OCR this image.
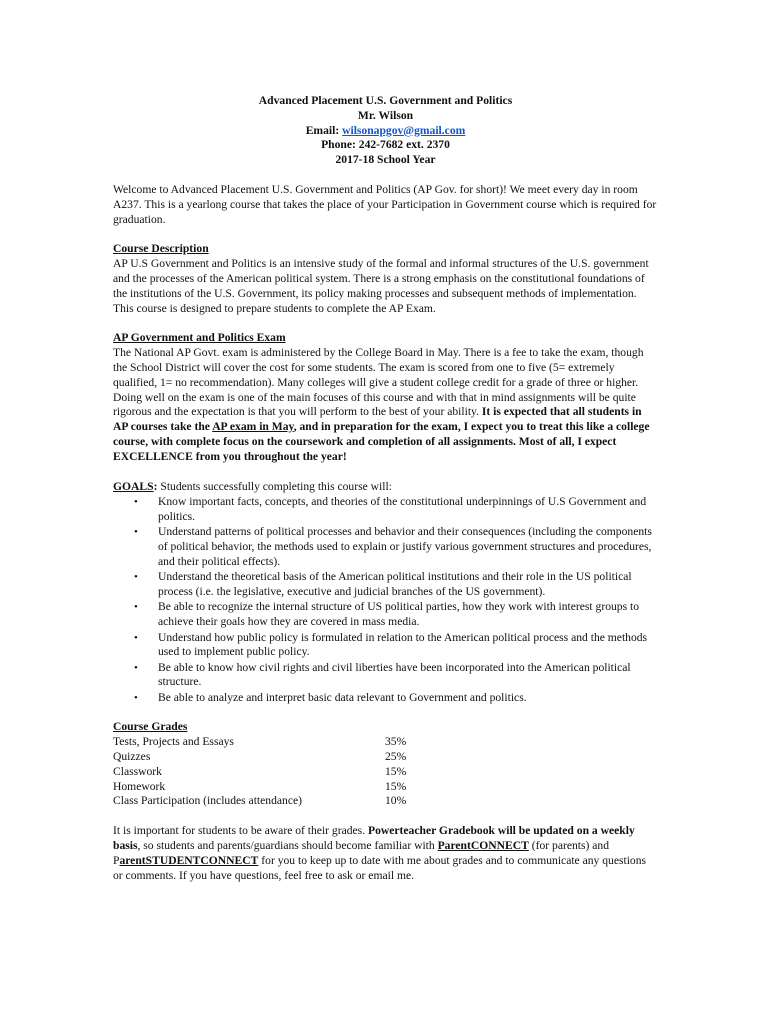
Advanced Placement U.S. Government and Politics
Mr. Wilson
Email: wilsonapgov@gmail.com
Phone: 242-7682 ext. 2370
2017-18 School Year
Welcome to Advanced Placement U.S. Government and Politics (AP Gov. for short)! We meet every day in room A237. This is a yearlong course that takes the place of your Participation in Government course which is required for graduation.
Course Description
AP U.S Government and Politics is an intensive study of the formal and informal structures of the U.S. government and the processes of the American political system. There is a strong emphasis on the constitutional foundations of the institutions of the U.S. Government, its policy making processes and subsequent methods of implementation. This course is designed to prepare students to complete the AP Exam.
AP Government and Politics Exam
The National AP Govt. exam is administered by the College Board in May. There is a fee to take the exam, though the School District will cover the cost for some students. The exam is scored from one to five (5= extremely qualified, 1= no recommendation). Many colleges will give a student college credit for a grade of three or higher. Doing well on the exam is one of the main focuses of this course and with that in mind assignments will be quite rigorous and the expectation is that you will perform to the best of your ability. It is expected that all students in AP courses take the AP exam in May, and in preparation for the exam, I expect you to treat this like a college course, with complete focus on the coursework and completion of all assignments. Most of all, I expect EXCELLENCE from you throughout the year!
GOALS: Students successfully completing this course will:
• Know important facts, concepts, and theories of the constitutional underpinnings of U.S Government and politics.
• Understand patterns of political processes and behavior and their consequences (including the components of political behavior, the methods used to explain or justify various government structures and procedures, and their political effects).
• Understand the theoretical basis of the American political institutions and their role in the US political process (i.e. the legislative, executive and judicial branches of the US government).
• Be able to recognize the internal structure of US political parties, how they work with interest groups to achieve their goals how they are covered in mass media.
• Understand how public policy is formulated in relation to the American political process and the methods used to implement public policy.
• Be able to know how civil rights and civil liberties have been incorporated into the American political structure.
• Be able to analyze and interpret basic data relevant to Government and politics.
Course Grades
Tests, Projects and Essays	35%
Quizzes	25%
Classwork	15%
Homework	15%
Class Participation (includes attendance)	10%
It is important for students to be aware of their grades. Powerteacher Gradebook will be updated on a weekly basis, so students and parents/guardians should become familiar with ParentCONNECT (for parents) and ParentSTUDENTCONNECT for you to keep up to date with me about grades and to communicate any questions or comments. If you have questions, feel free to ask or email me.
